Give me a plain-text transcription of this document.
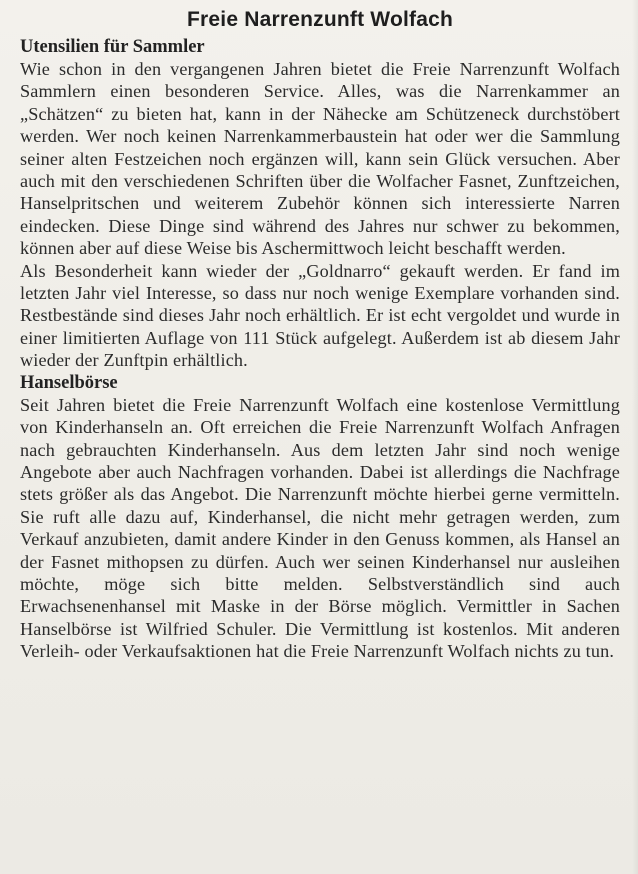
Freie Narrenzunft Wolfach
Utensilien für Sammler

Wie schon in den vergangenen Jahren bietet die Freie Narrenzunft Wolfach Sammlern einen besonderen Service. Alles, was die Narrenkammer an „Schätzen“ zu bieten hat, kann in der Nähecke am Schützeneck durchstöbert werden. Wer noch keinen Narrenkammerbaustein hat oder wer die Sammlung seiner alten Festzeichen noch ergänzen will, kann sein Glück versuchen. Aber auch mit den verschiedenen Schriften über die Wolfacher Fasnet, Zunftzeichen, Hanselpritschen und weiterem Zubehör können sich interessierte Narren eindecken. Diese Dinge sind während des Jahres nur schwer zu bekommen, können aber auf diese Weise bis Aschermittwoch leicht beschafft werden.

Als Besonderheit kann wieder der „Goldnarro“ gekauft werden. Er fand im letzten Jahr viel Interesse, so dass nur noch wenige Exemplare vorhanden sind. Restbestände sind dieses Jahr noch erhältlich. Er ist echt vergoldet und wurde in einer limitierten Auflage von 111 Stück aufgelegt. Außerdem ist ab diesem Jahr wieder der Zunftpin erhältlich.

Hanselbörse

Seit Jahren bietet die Freie Narrenzunft Wolfach eine kostenlose Vermittlung von Kinderhanseln an. Oft erreichen die Freie Narrenzunft Wolfach Anfragen nach gebrauchten Kinderhanseln. Aus dem letzten Jahr sind noch wenige Angebote aber auch Nachfragen vorhanden. Dabei ist allerdings die Nachfrage stets größer als das Angebot. Die Narrenzunft möchte hierbei gerne vermitteln. Sie ruft alle dazu auf, Kinderhansel, die nicht mehr getragen werden, zum Verkauf anzubieten, damit andere Kinder in den Genuss kommen, als Hansel an der Fasnet mithopsen zu dürfen. Auch wer seinen Kinderhansel nur ausleihen möchte, möge sich bitte melden. Selbstverständlich sind auch Erwachsenenhansel mit Maske in der Börse möglich. Vermittler in Sachen Hanselbörse ist Wilfried Schuler. Die Vermittlung ist kostenlos. Mit anderen Verleih- oder Verkaufsaktionen hat die Freie Narrenzunft Wolfach nichts zu tun.
